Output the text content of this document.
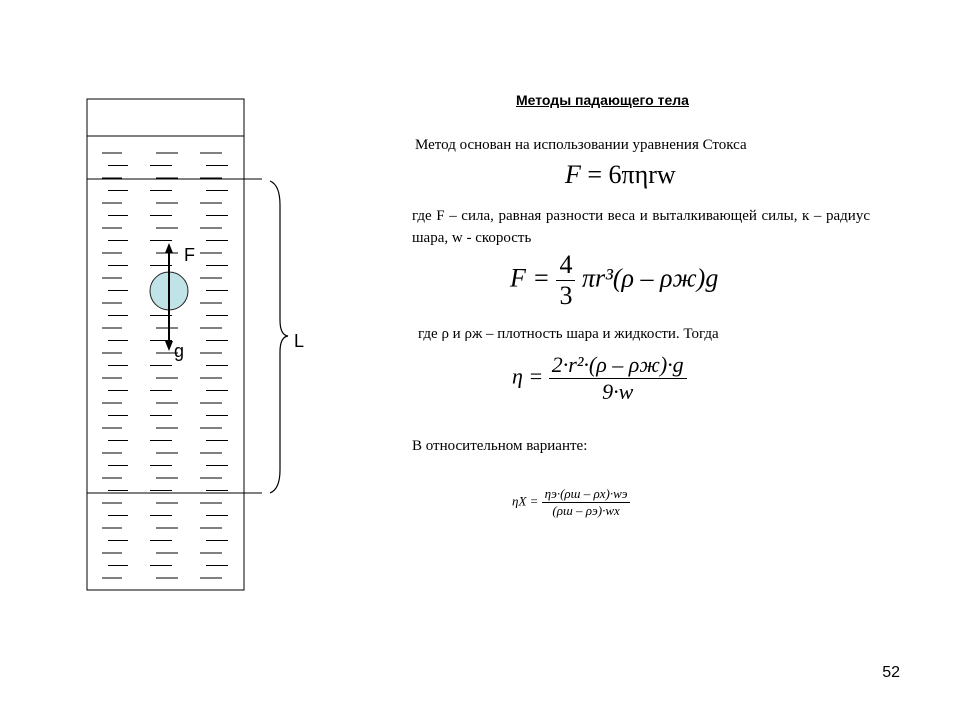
F
g	L
Методы падающего тела
Метод основан на использовании уравнения Стокса
F = 6πηrw
где F – сила, равная разности веса и выталкивающей силы, к – радиус шара, w - скорость
$F = \frac{4}{3} \pi r^3(\rho - \rho ж)g$
где ρ и ρж – плотность шара и жидкости. Тогда
$\eta = \frac{\text{2·r²·(ρ – ρж)·g}}{9\cdot w}$
В относительном варианте:
$\eta X = \frac{\eta э\cdot(\rho ш - \rho х)\cdot wэ}{(\rho ш - \rho э)\cdot wх}$
52
